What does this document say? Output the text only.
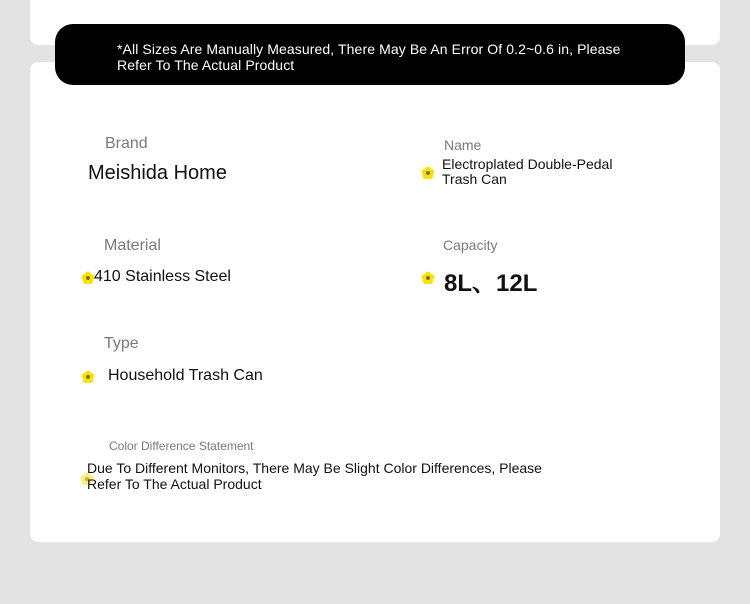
*All Sizes Are Manually Measured, There May Be An Error Of 0.2~0.6 in, Please Refer To The Actual Product

Brand

Meishida Home

Name

Electroplated Double-Pedal Trash Can

Material

410 Stainless Steel

Capacity

8L、12L

Type

Household Trash Can

Color Difference Statement

Due To Different Monitors, There May Be Slight Color Differences, Please Refer To The Actual Product
